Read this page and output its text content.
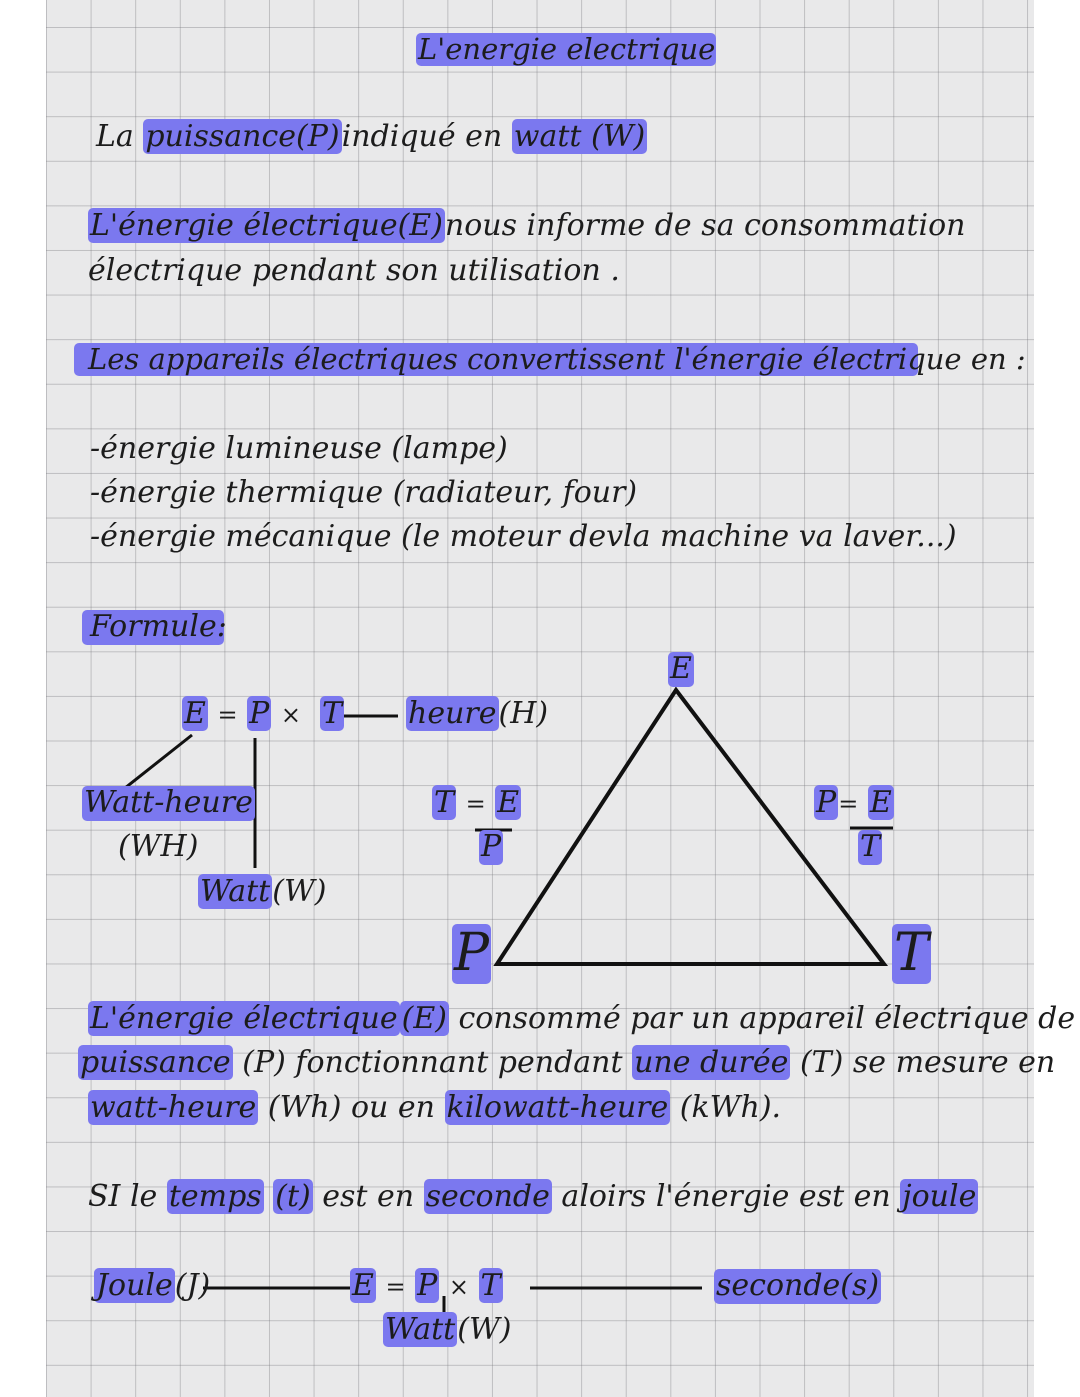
L'energie electrique
La puissance(P)indiqué en watt (W)
L'énergie électrique(E)nous informe de sa consommation
électrique pendant son utilisation .
Les appareils électriques convertissent l'énergie électrique en :
-énergie lumineuse (lampe)
-énergie thermique (radiateur, four)
-énergie mécanique (le moteur devla machine va laver...)
Formule:
E = P × T heure(H)
Watt-heure
(WH)
Watt(W)
E
P	T
T = E
P
P= E
T
L'énergie électrique (E) consommé par un appareil électrique de
puissance (P) fonctionnant pendant une durée (T) se mesure en
watt-heure (Wh) ou en kilowatt-heure (kWh).
SI le temps (t) est en seconde aloirs l'énergie est en joule
Joule(J)	E = P × T	seconde(s)
Watt(W)
